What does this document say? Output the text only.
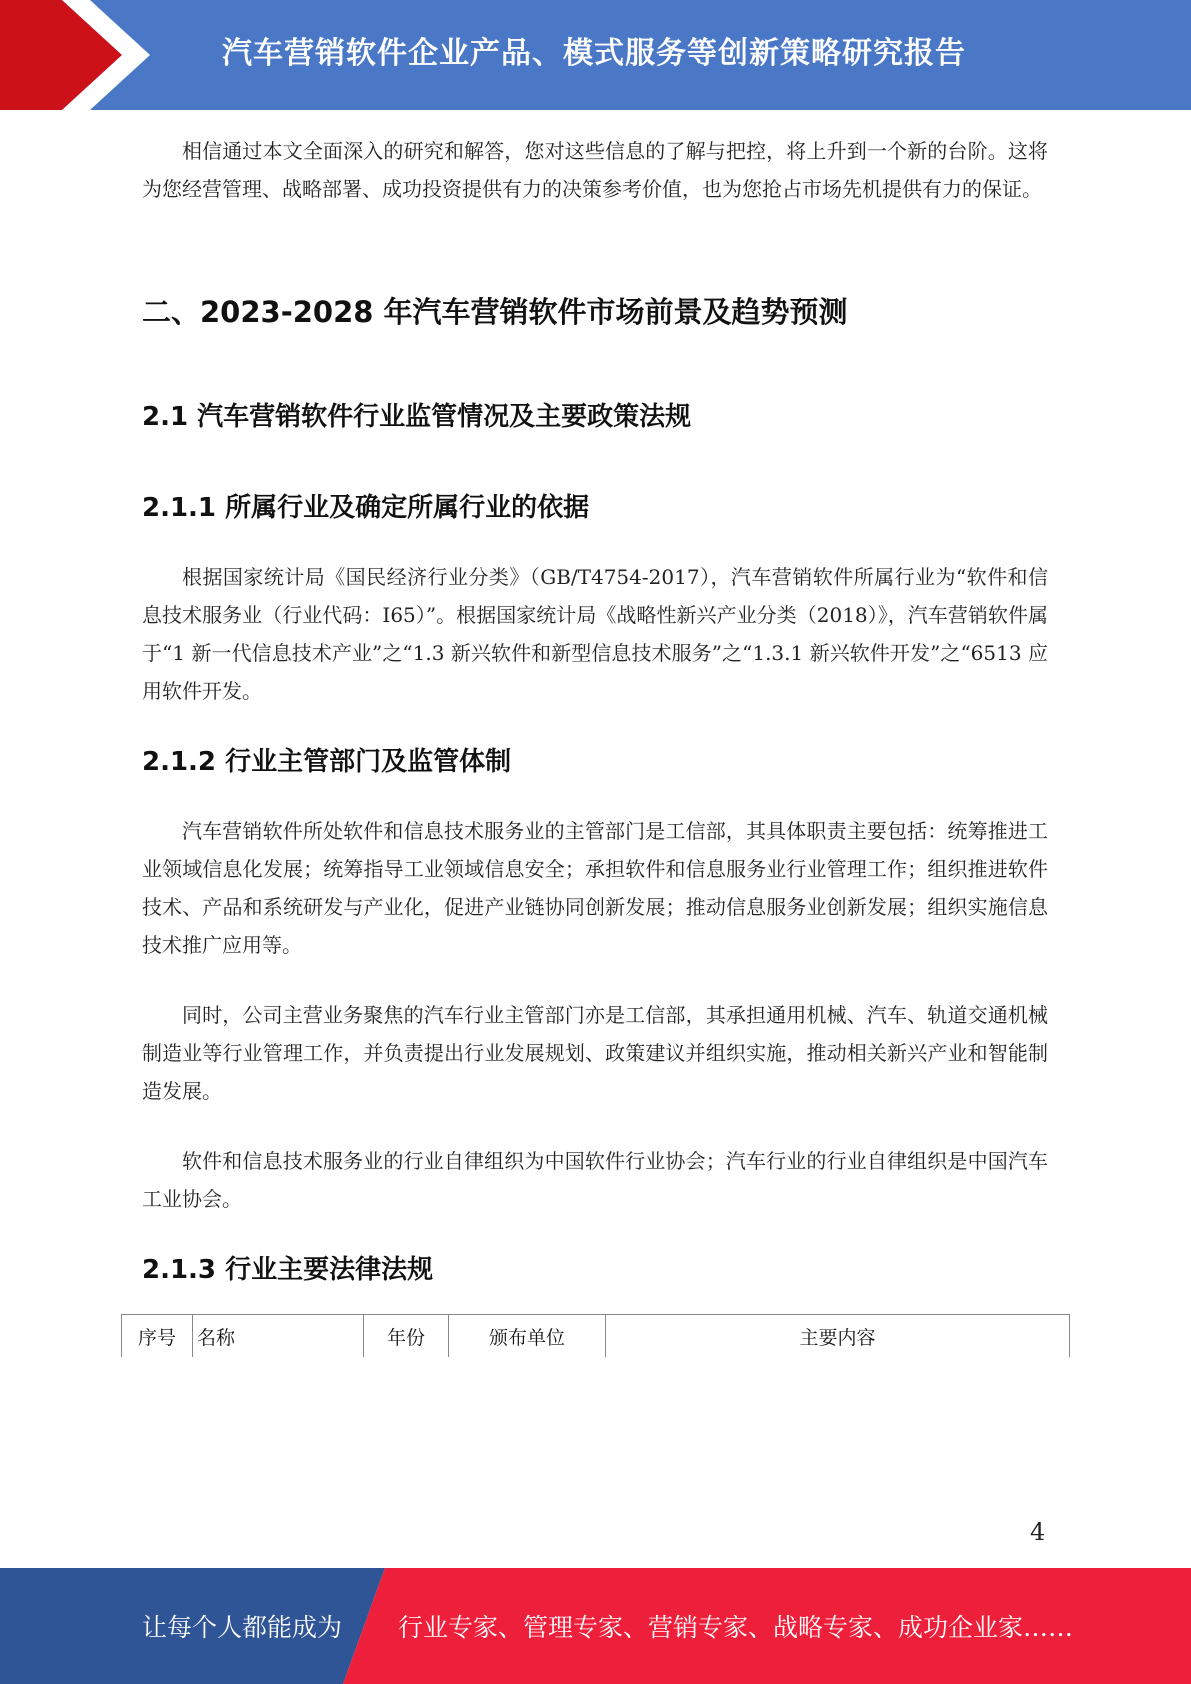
汽车营销软件企业产品、模式服务等创新策略研究报告

相信通过本文全面深入的研究和解答，您对这些信息的了解与把控，将上升到一个新的台阶。这将为您经营管理、战略部署、成功投资提供有力的决策参考价值，也为您抢占市场先机提供有力的保证。

二、2023-2028 年汽车营销软件市场前景及趋势预测
2.1 汽车营销软件行业监管情况及主要政策法规
2.1.1 所属行业及确定所属行业的依据

根据国家统计局《国民经济行业分类》（GB/T4754-2017），汽车营销软件所属行业为“软件和信息技术服务业（行业代码：I65）”。根据国家统计局《战略性新兴产业分类（2018）》，汽车营销软件属于“1 新一代信息技术产业”之“1.3 新兴软件和新型信息技术服务”之“1.3.1 新兴软件开发”之“6513 应用软件开发。

2.1.2 行业主管部门及监管体制

汽车营销软件所处软件和信息技术服务业的主管部门是工信部，其具体职责主要包括：统筹推进工业领域信息化发展；统筹指导工业领域信息安全；承担软件和信息服务业行业管理工作；组织推进软件技术、产品和系统研发与产业化，促进产业链协同创新发展；推动信息服务业创新发展；组织实施信息技术推广应用等。

同时，公司主营业务聚焦的汽车行业主管部门亦是工信部，其承担通用机械、汽车、轨道交通机械制造业等行业管理工作，并负责提出行业发展规划、政策建议并组织实施，推动相关新兴产业和智能制造发展。

软件和信息技术服务业的行业自律组织为中国软件行业协会；汽车行业的行业自律组织是中国汽车工业协会。

2.1.3 行业主要法律法规
序号	名称	年份	颁布单位	主要内容
4
让每个人都能成为 行业专家、管理专家、营销专家、战略专家、成功企业家……
